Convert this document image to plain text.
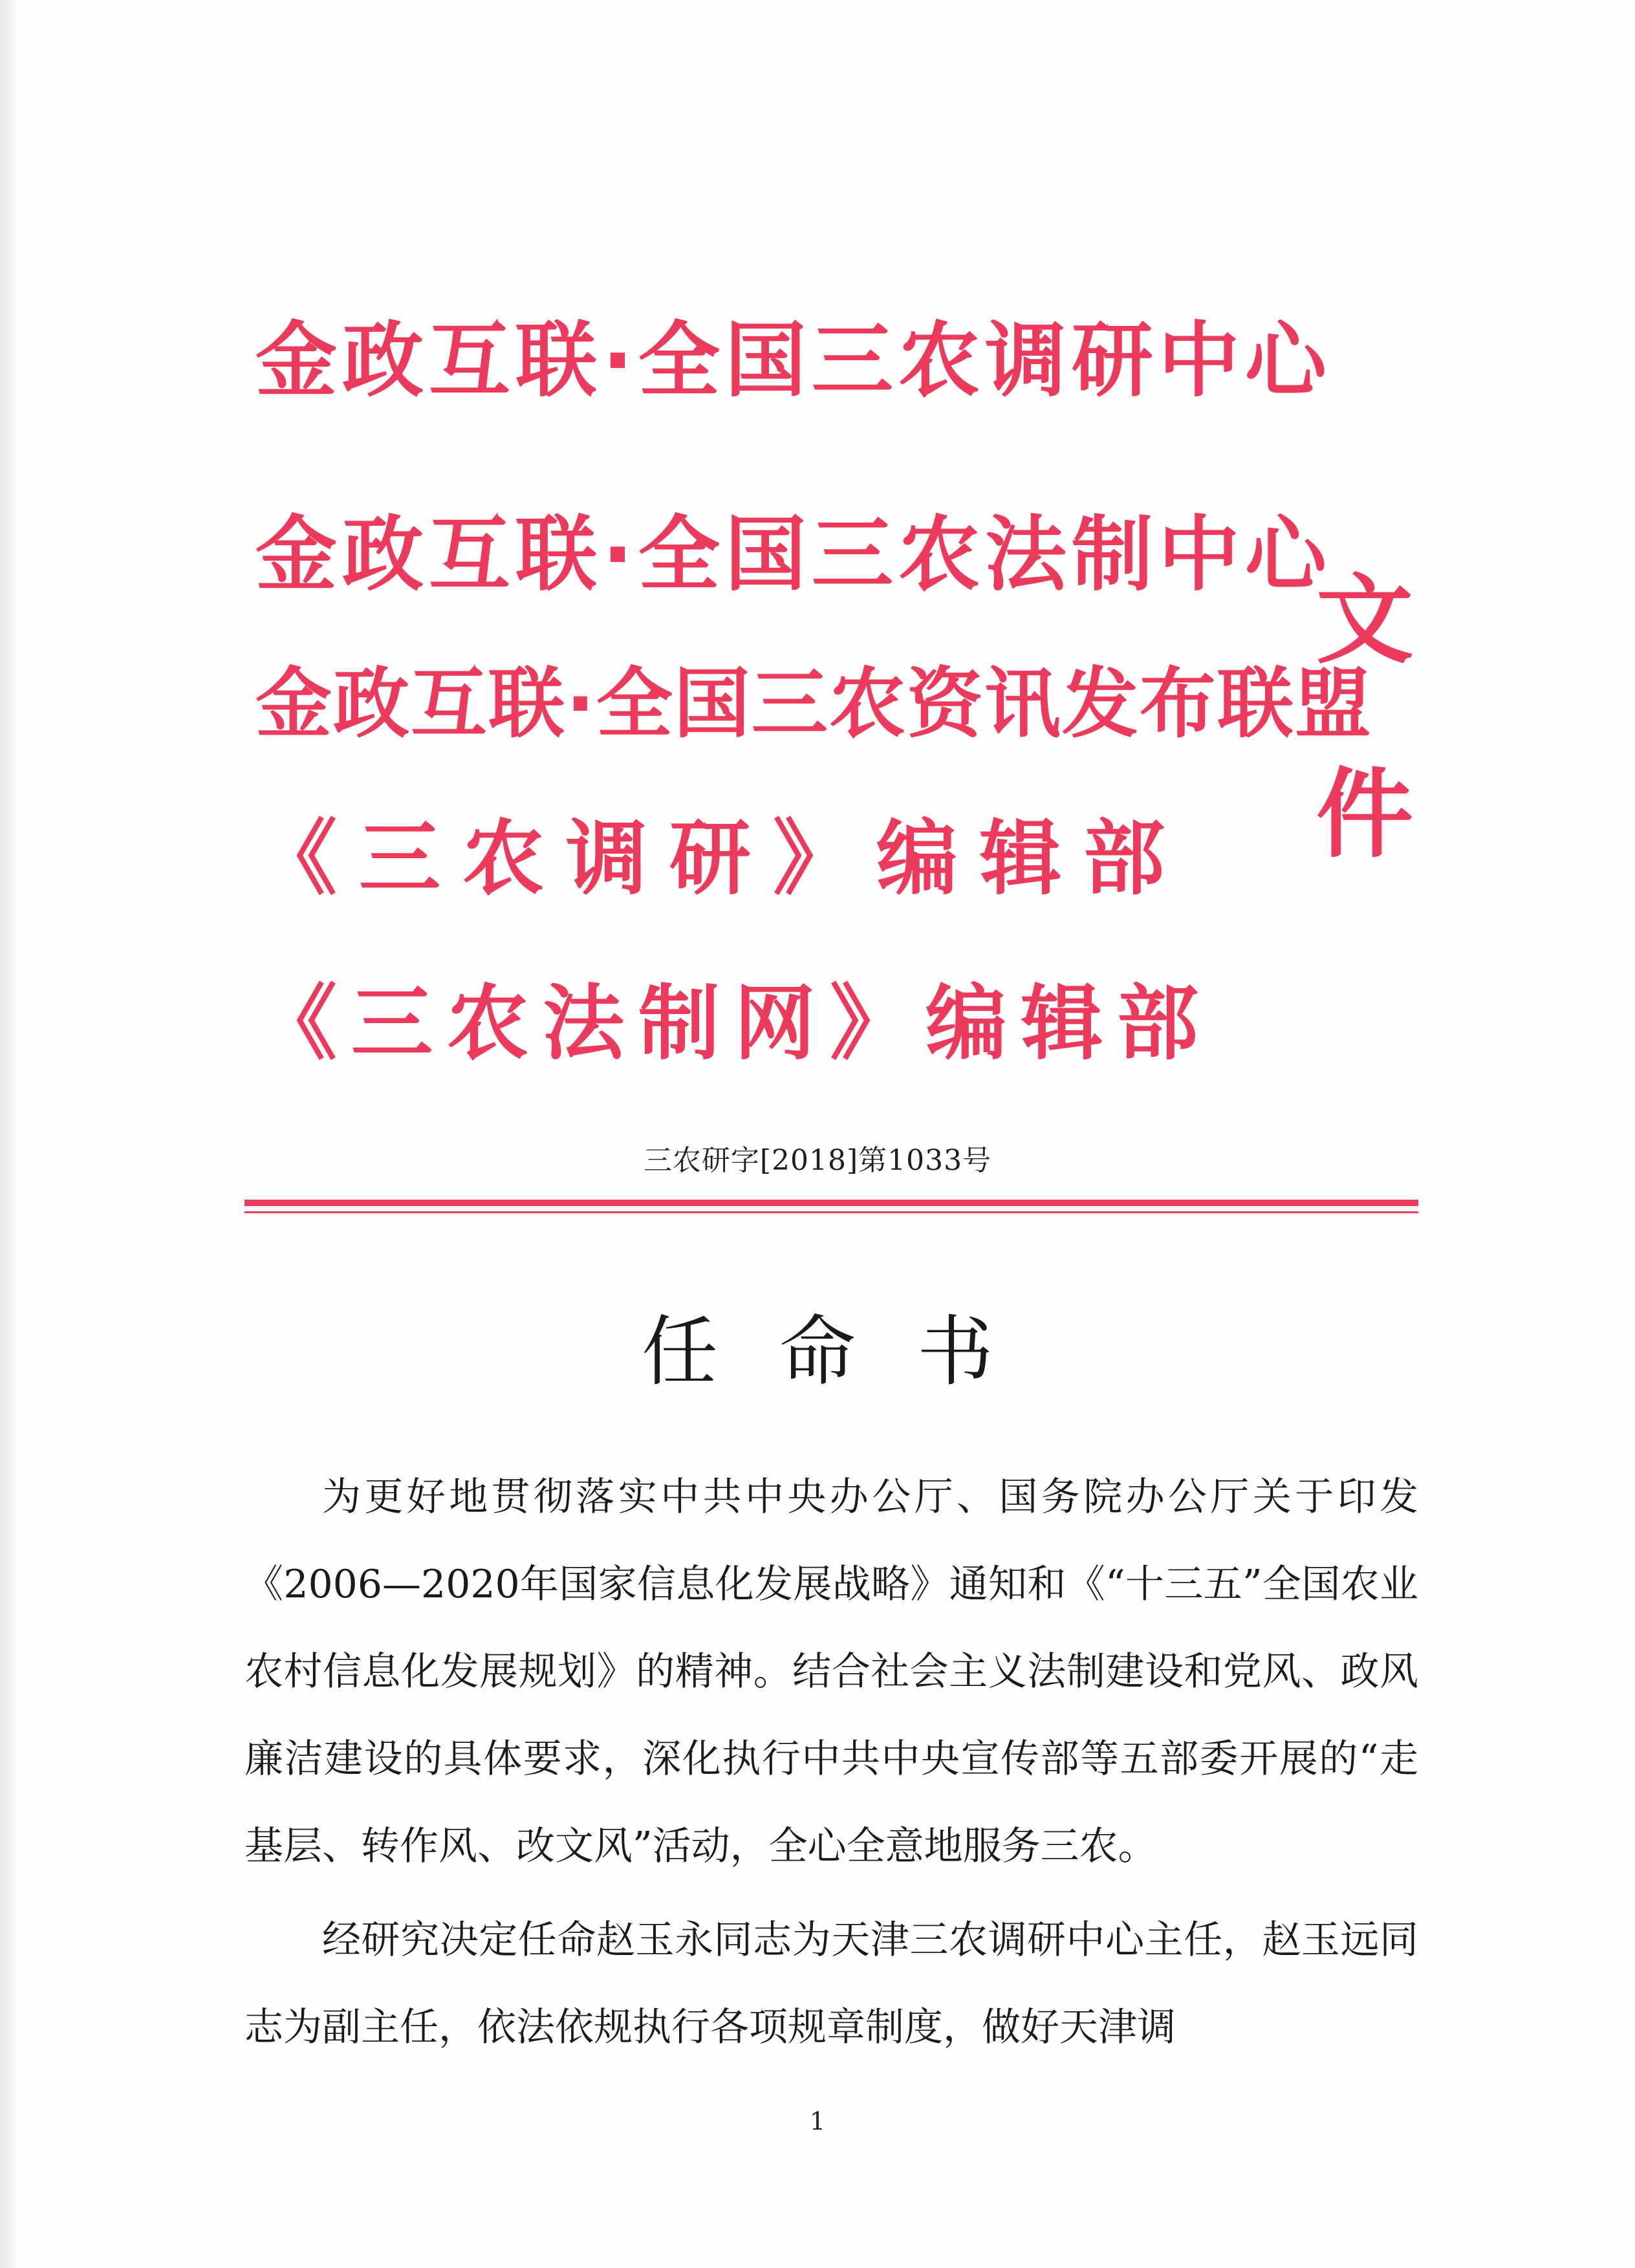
金政互联·全国三农调研中心
金政互联·全国三农法制中心
金政互联·全国三农资讯发布联盟
《三农调研》编辑部
《三农法制网》编辑部
文件
三农研字[2018]第1033号
任命书

为更好地贯彻落实中共中央办公厅、国务院办公厅关于印发《2006—2020年国家信息化发展战略》通知和《“十三五”全国农业农村信息化发展规划》的精神。结合社会主义法制建设和党风、政风廉洁建设的具体要求，深化执行中共中央宣传部等五部委开展的“走基层、转作风、改文风”活动，全心全意地服务三农。

经研究决定任命赵玉永同志为天津三农调研中心主任，赵玉远同志为副主任，依法依规执行各项规章制度，做好天津调

1
